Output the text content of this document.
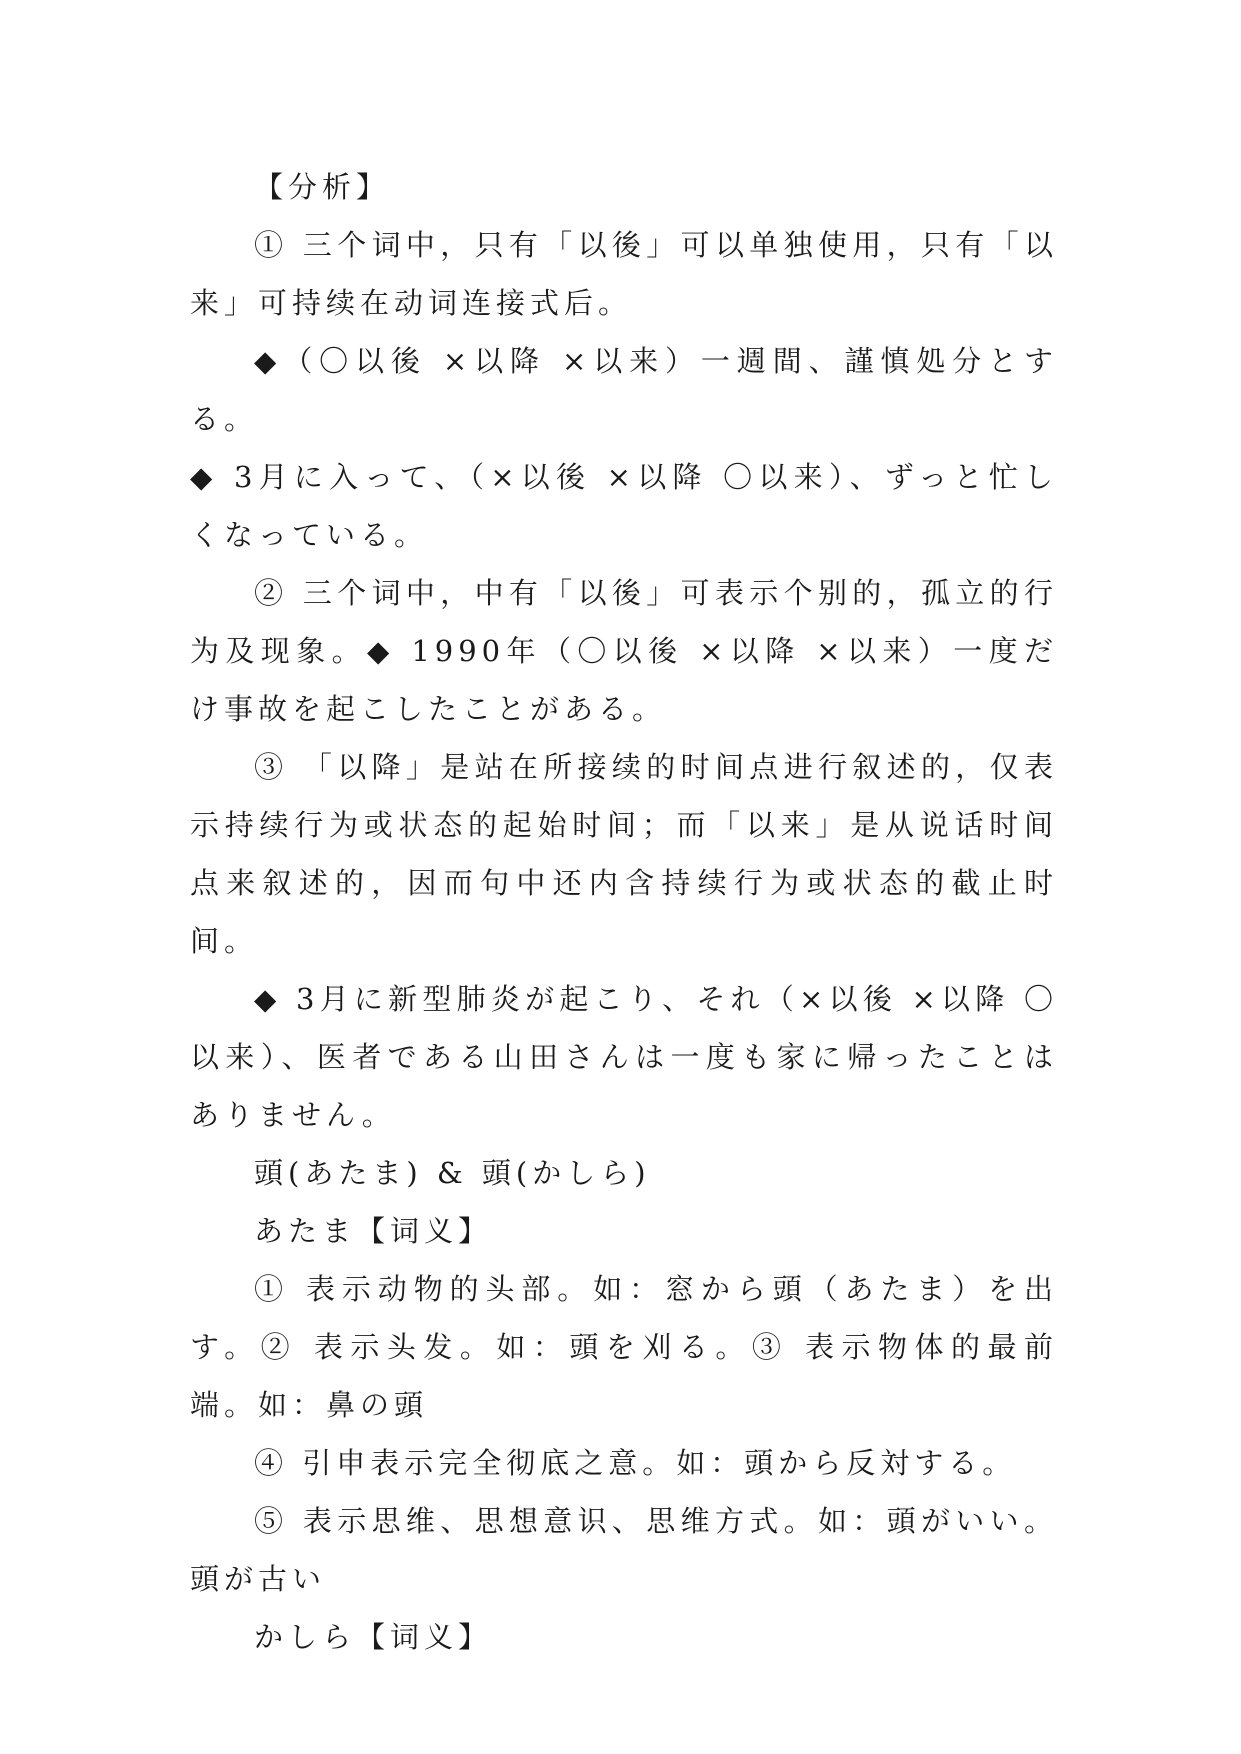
【分析】

① 三个词中，只有「以後」可以单独使用，只有「以来」可持续在动词连接式后。

◆（〇以後 ×以降 ×以来）一週間、謹慎処分とする。

◆ 3月に入って、（×以後 ×以降 〇以来）、ずっと忙しくなっている。

② 三个词中，中有「以後」可表示个别的，孤立的行为及现象。◆ 1990年（〇以後 ×以降 ×以来）一度だけ事故を起こしたことがある。

③ 「以降」是站在所接续的时间点进行叙述的，仅表示持续行为或状态的起始时间；而「以来」是从说话时间点来叙述的，因而句中还内含持续行为或状态的截止时间。

◆ 3月に新型肺炎が起こり、それ（×以後 ×以降 〇以来）、医者である山田さんは一度も家に帰ったことはありません。

頭(あたま) & 頭(かしら)

あたま【词义】

① 表示动物的头部。如：窓から頭（あたま）を出す。② 表示头发。如：頭を刈る。③ 表示物体的最前端。如：鼻の頭

④ 引申表示完全彻底之意。如：頭から反対する。

⑤ 表示思维、思想意识、思维方式。如：頭がいい。頭が古い

かしら【词义】
